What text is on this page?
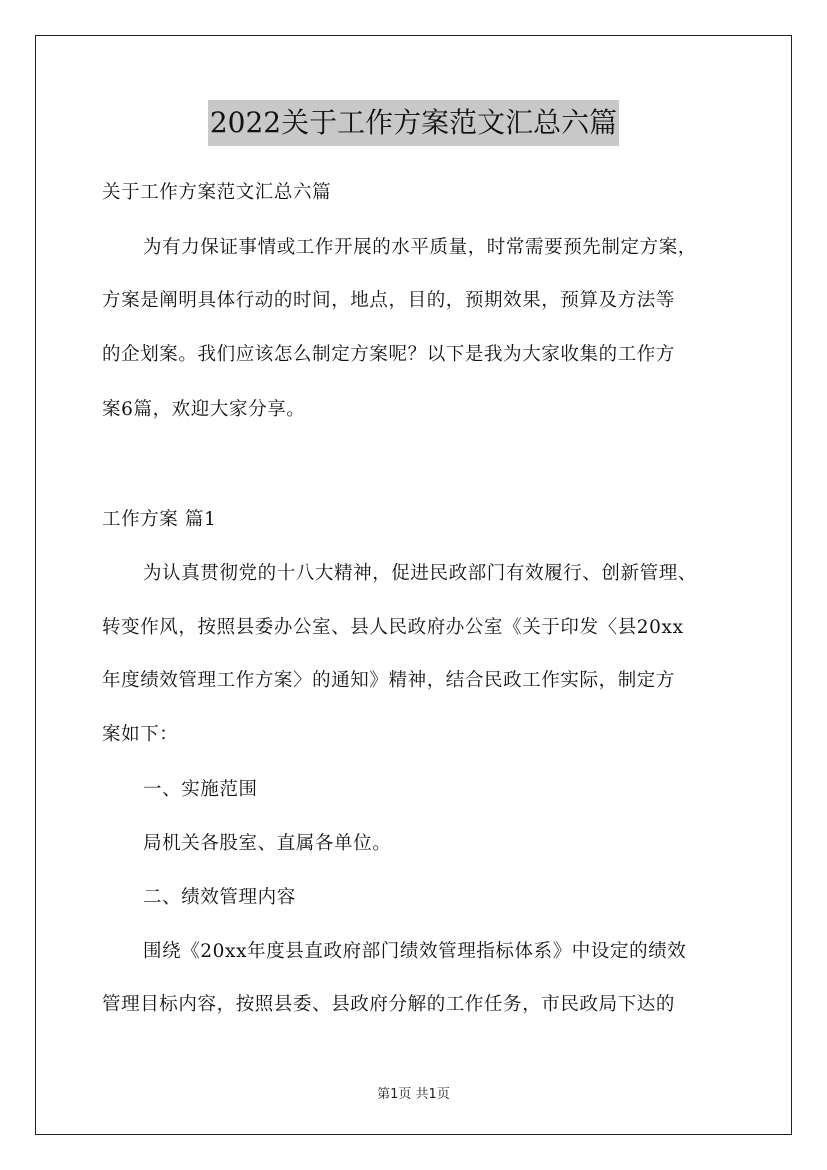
2022关于工作方案范文汇总六篇
关于工作方案范文汇总六篇
为有力保证事情或工作开展的水平质量，时常需要预先制定方案，
方案是阐明具体行动的时间，地点，目的，预期效果，预算及方法等
的企划案。我们应该怎么制定方案呢？以下是我为大家收集的工作方
案6篇，欢迎大家分享。
工作方案 篇1
为认真贯彻党的十八大精神，促进民政部门有效履行、创新管理、
转变作风，按照县委办公室、县人民政府办公室《关于印发〈县20xx
年度绩效管理工作方案〉的通知》精神，结合民政工作实际，制定方
案如下：
一、实施范围
局机关各股室、直属各单位。
二、绩效管理内容
围绕《20xx年度县直政府部门绩效管理指标体系》中设定的绩效
管理目标内容，按照县委、县政府分解的工作任务，市民政局下达的
第1页 共1页
